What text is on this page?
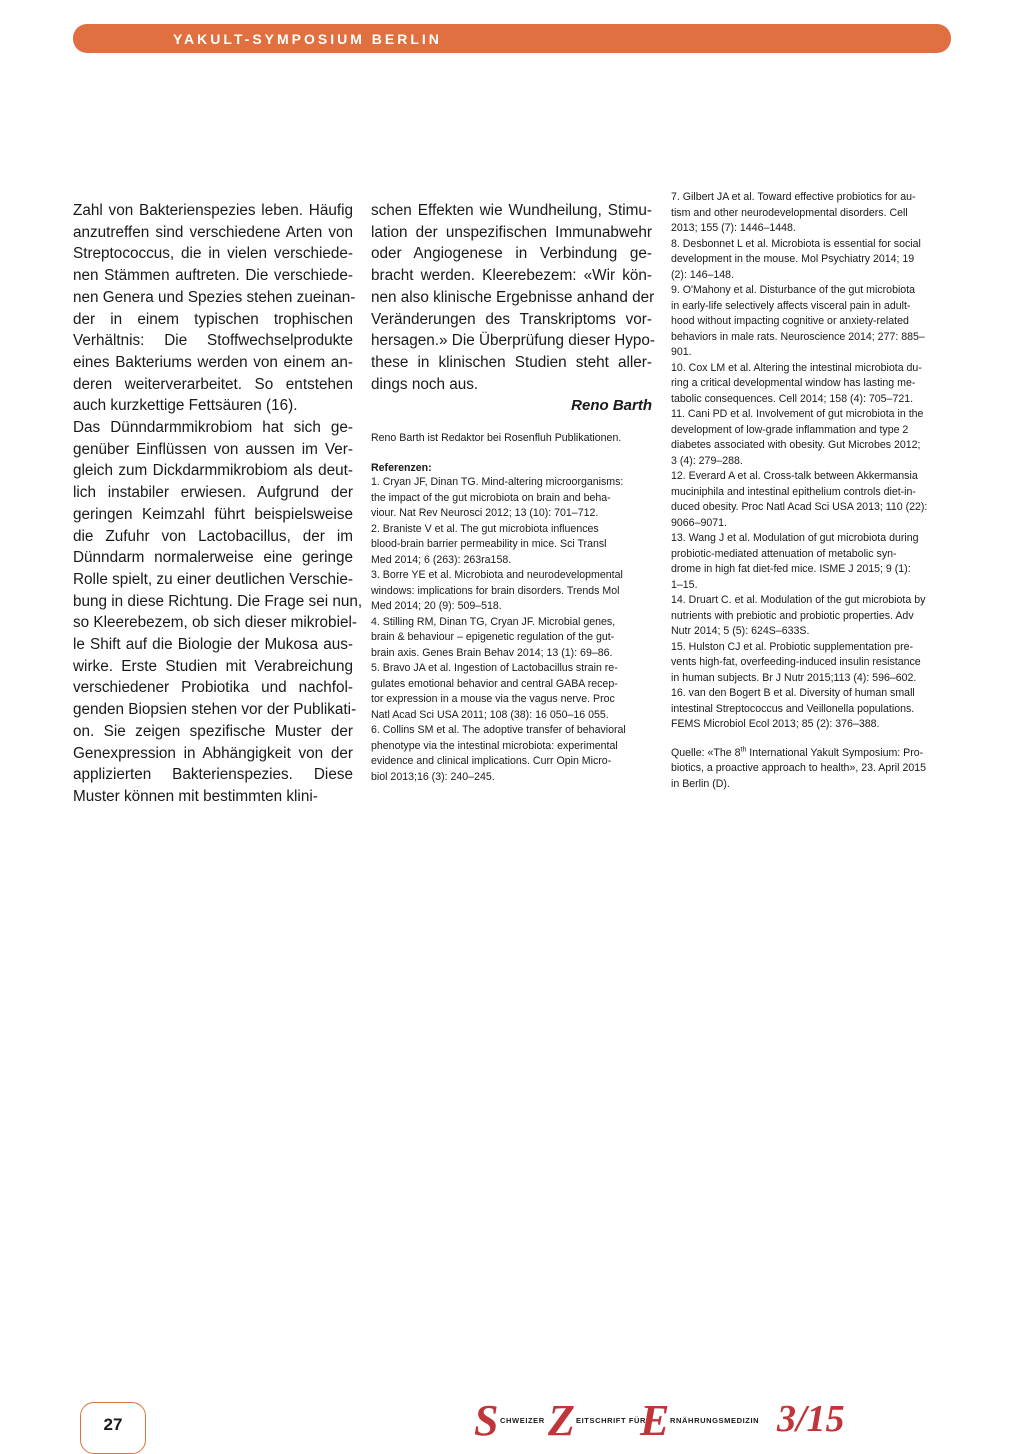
YAKULT-SYMPOSIUM BERLIN

Zahl von Bakterienspezies leben. Häufig
anzutreffen sind verschiedene Arten von
Streptococcus, die in vielen verschiede-
nen Stämmen auftreten. Die verschiede-
nen Genera und Spezies stehen zueinan-
der in einem typischen trophischen
Verhältnis: Die Stoffwechselprodukte
eines Bakteriums werden von einem an-
deren weiterverarbeitet. So entstehen
auch kurzkettige Fettsäuren (16).

Das Dünndarmmikrobiom hat sich ge-
genüber Einflüssen von aussen im Ver-
gleich zum Dickdarmmikrobiom als deut-
lich instabiler erwiesen. Aufgrund der
geringen Keimzahl führt beispielsweise
die Zufuhr von Lactobacillus, der im
Dünndarm normalerweise eine geringe
Rolle spielt, zu einer deutlichen Verschie-
bung in diese Richtung. Die Frage sei nun,
so Kleerebezem, ob sich dieser mikrobiel-
le Shift auf die Biologie der Mukosa aus-
wirke. Erste Studien mit Verabreichung
verschiedener Probiotika und nachfol-
genden Biopsien stehen vor der Publikati-
on. Sie zeigen spezifische Muster der
Genexpression in Abhängigkeit von der
applizierten Bakterienspezies. Diese
Muster können mit bestimmten klini-

schen Effekten wie Wundheilung, Stimu-
lation der unspezifischen Immunabwehr
oder Angiogenese in Verbindung ge-
bracht werden. Kleerebezem: «Wir kön-
nen also klinische Ergebnisse anhand der
Veränderungen des Transkriptoms vor-
hersagen.» Die Überprüfung dieser Hypo-
these in klinischen Studien steht aller-
dings noch aus.

Reno Barth
Reno Barth ist Redaktor bei Rosenfluh Publikationen.
Referenzen:
1. Cryan JF, Dinan TG. Mind-altering microorganisms:
the impact of the gut microbiota on brain and beha-
viour. Nat Rev Neurosci 2012; 13 (10): 701–712.
2. Braniste V et al. The gut microbiota influences
blood-brain barrier permeability in mice. Sci Transl
Med 2014; 6 (263): 263ra158.
3. Borre YE et al. Microbiota and neurodevelopmental
windows: implications for brain disorders. Trends Mol
Med 2014; 20 (9): 509–518.
4. Stilling RM, Dinan TG, Cryan JF. Microbial genes,
brain & behaviour – epigenetic regulation of the gut-
brain axis. Genes Brain Behav 2014; 13 (1): 69–86.
5. Bravo JA et al. Ingestion of Lactobacillus strain re-
gulates emotional behavior and central GABA recep-
tor expression in a mouse via the vagus nerve. Proc
Natl Acad Sci USA 2011; 108 (38): 16 050–16 055.
6. Collins SM et al. The adoptive transfer of behavioral
phenotype via the intestinal microbiota: experimental
evidence and clinical implications. Curr Opin Micro-
biol 2013;16 (3): 240–245.
7. Gilbert JA et al. Toward effective probiotics for au-
tism and other neurodevelopmental disorders. Cell
2013; 155 (7): 1446–1448.
8. Desbonnet L et al. Microbiota is essential for social
development in the mouse. Mol Psychiatry 2014; 19
(2): 146–148.
9. O'Mahony et al. Disturbance of the gut microbiota
in early-life selectively affects visceral pain in adult-
hood without impacting cognitive or anxiety-related
behaviors in male rats. Neuroscience 2014; 277: 885–
901.
10. Cox LM et al. Altering the intestinal microbiota du-
ring a critical developmental window has lasting me-
tabolic consequences. Cell 2014; 158 (4): 705–721.
11. Cani PD et al. Involvement of gut microbiota in the
development of low-grade inflammation and type 2
diabetes associated with obesity. Gut Microbes 2012;
3 (4): 279–288.
12. Everard A et al. Cross-talk between Akkermansia
muciniphila and intestinal epithelium controls diet-in-
duced obesity. Proc Natl Acad Sci USA 2013; 110 (22):
9066–9071.
13. Wang J et al. Modulation of gut microbiota during
probiotic-mediated attenuation of metabolic syn-
drome in high fat diet-fed mice. ISME J 2015; 9 (1):
1–15.
14. Druart C. et al. Modulation of the gut microbiota by
nutrients with prebiotic and probiotic properties. Adv
Nutr 2014; 5 (5): 624S–633S.
15. Hulston CJ et al. Probiotic supplementation pre-
vents high-fat, overfeeding-induced insulin resistance
in human subjects. Br J Nutr 2015;113 (4): 596–602.
16. van den Bogert B et al. Diversity of human small
intestinal Streptococcus and Veillonella populations.
FEMS Microbiol Ecol 2013; 85 (2): 376–388.
Quelle: «The 8th International Yakult Symposium: Pro-
biotics, a proactive approach to health», 23. April 2015
in Berlin (D).
27	S CHWEIZER Z EITSCHRIFT FÜR
E RNÄHRUNGSMEDIZIN 3/15
